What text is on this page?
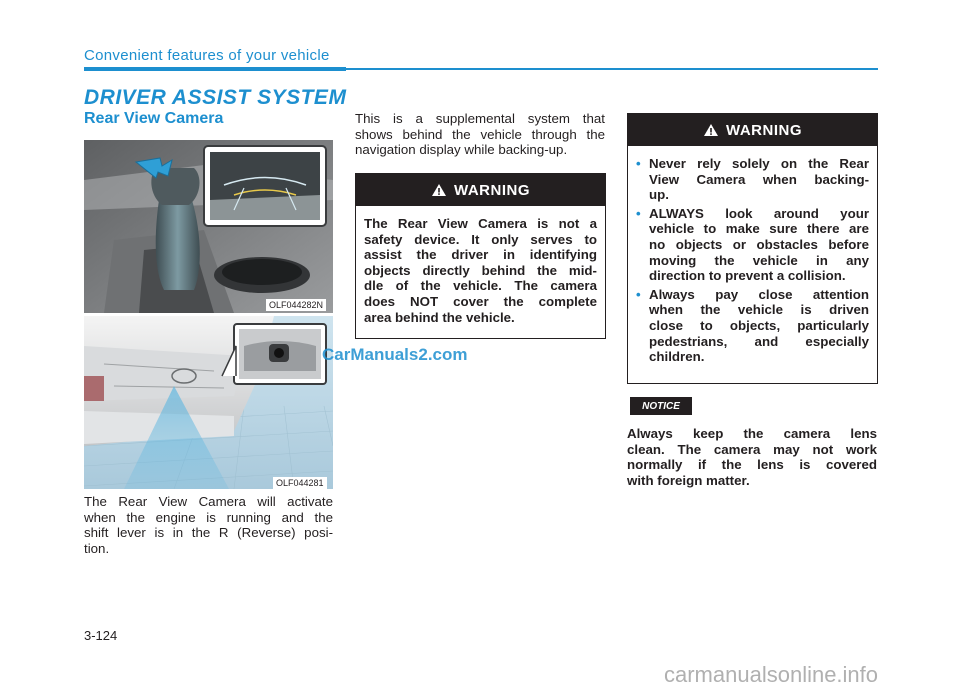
Convenient features of your vehicle
DRIVER ASSIST SYSTEM
Rear View Camera
OLF044282N
OLF044281
The Rear View Camera will activate
when the engine is running and the
shift lever is in the R (Reverse) posi-
tion.
This is a supplemental system that
shows behind the vehicle through the
navigation display while backing-up.
WARNING
The Rear View Camera is not a
safety device. It only serves to
assist the driver in identifying
objects directly behind the mid-
dle of the vehicle. The camera
does NOT cover the complete
area behind the vehicle.
WARNING
• Never rely solely on the Rear
View Camera when backing-
up.
• ALWAYS look around your
vehicle to make sure there are
no objects or obstacles before
moving the vehicle in any
direction to prevent a collision.
• Always pay close attention
when the vehicle is driven
close to objects, particularly
pedestrians, and especially
children.
NOTICE
Always keep the camera lens
clean. The camera may not work
normally if the lens is covered
with foreign matter.
CarManuals2.com
3-124
carmanualsonline.info
